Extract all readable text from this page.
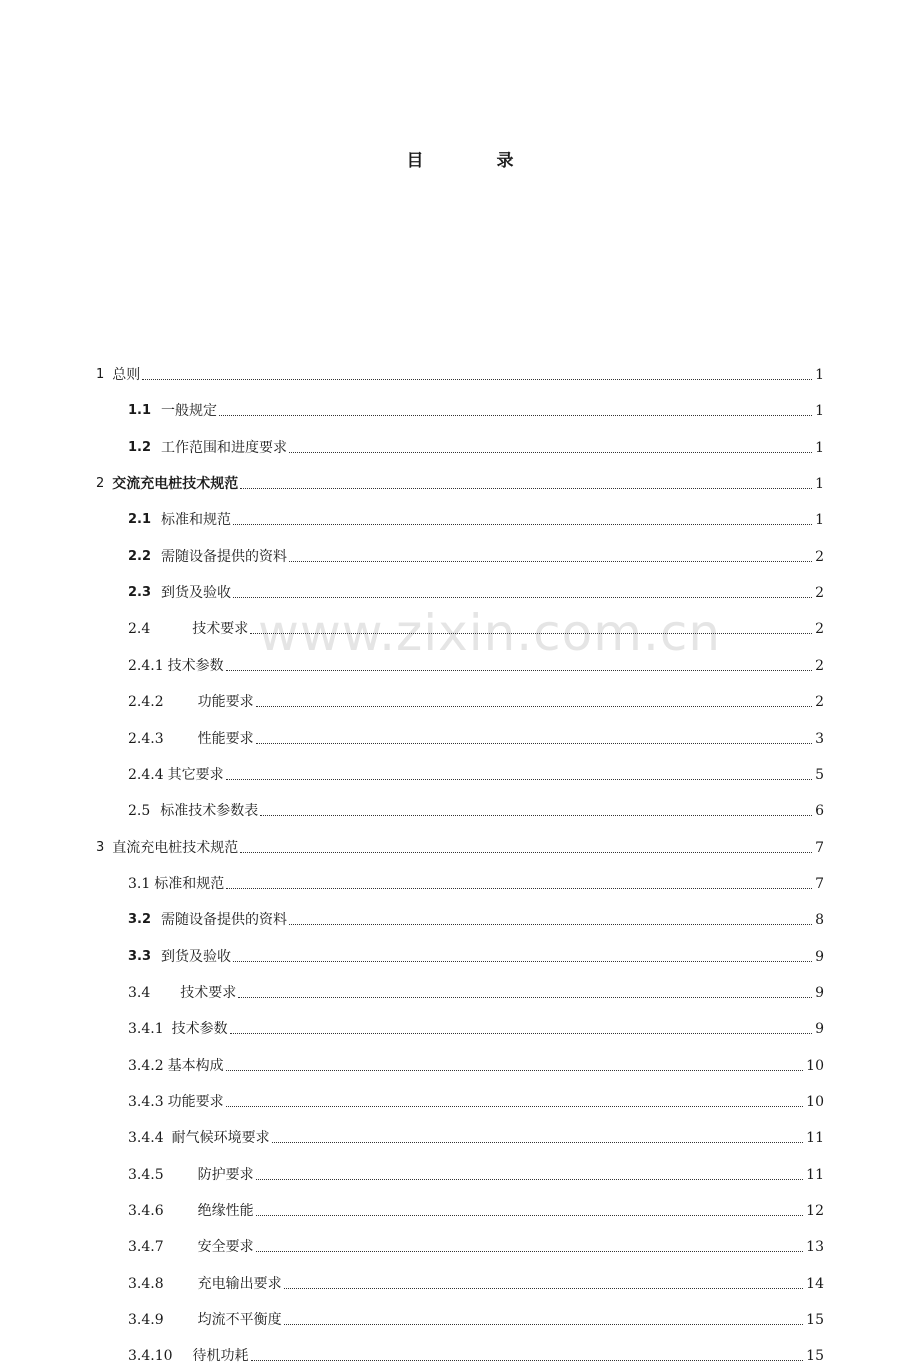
目　录
www.zixin.com.cn
1 总则	1
1.1 一般规定	1
1.2 工作范围和进度要求	1
2 交流充电桩技术规范	1
2.1 标准和规范	1
2.2 需随设备提供的资料	2
2.3 到货及验收	2
2.4	技术要求	2
2.4.1 技术参数	2
2.4.2 功能要求	2
2.4.3 性能要求	3
2.4.4 其它要求	5
2.5 标准技术参数表	6
3 直流充电桩技术规范	7
3.1 标准和规范	7
3.2 需随设备提供的资料	8
3.3 到货及验收	9
3.4 技术要求	9
3.4.1 技术参数	9
3.4.2 基本构成	10
3.4.3 功能要求	10
3.4.4 耐气候环境要求	11
3.4.5 防护要求	11
3.4.6 绝缘性能	12
3.4.7 安全要求	13
3.4.8 充电输出要求	14
3.4.9 均流不平衡度	15
3.4.10 待机功耗	15
